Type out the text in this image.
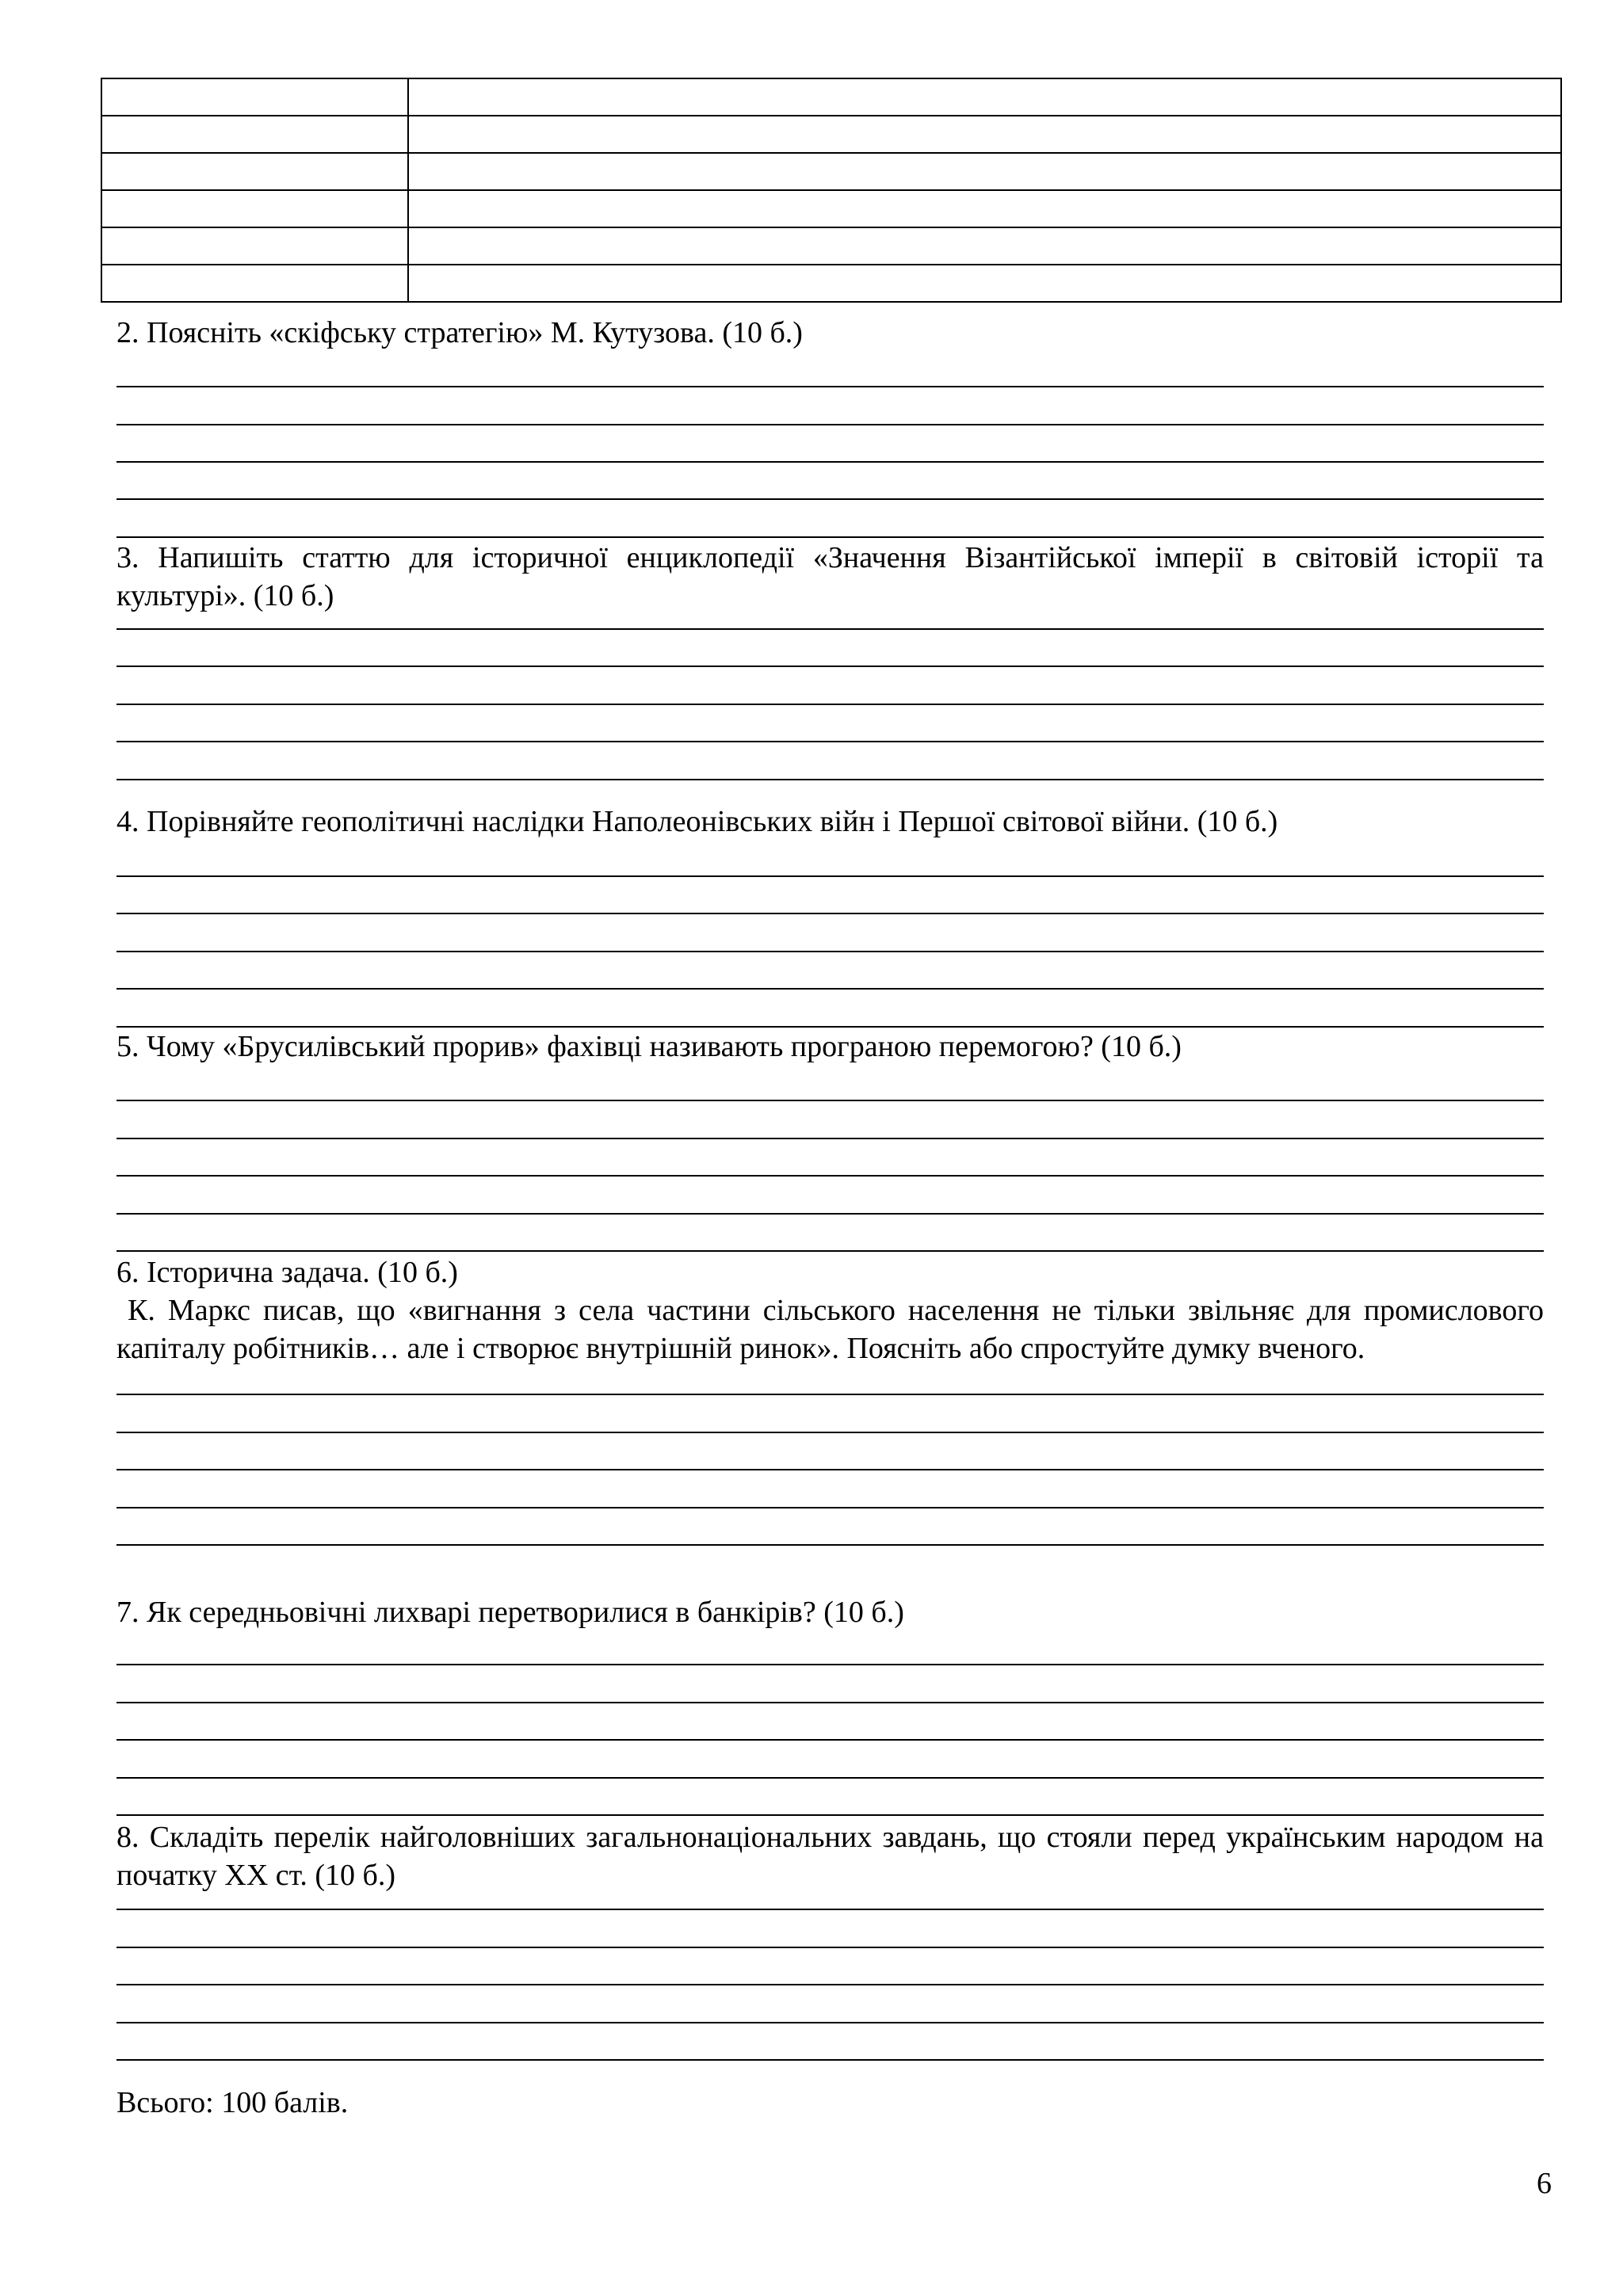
2. Поясніть «скіфську стратегію» М. Кутузова. (10 б.)
3. Напишіть статтю для історичної енциклопедії «Значення Візантійської імперії в світовій історії та культурі». (10 б.)
4. Порівняйте геополітичні наслідки Наполеонівських війн і Першої світової війни. (10 б.)
5. Чому «Брусилівський прорив» фахівці називають програною перемогою? (10 б.)
6. Історична задача. (10 б.)
К. Маркс писав, що «вигнання з села частини сільського населення не тільки звільняє для промислового капіталу робітників… але і створює внутрішній ринок». Поясніть або спростуйте думку вченого.
7. Як середньовічні лихварі перетворилися в банкірів? (10 б.)
8. Складіть перелік найголовніших загальнонаціональних завдань, що стояли перед українським народом на початку ХХ ст. (10 б.)
Всього: 100 балів.
6
